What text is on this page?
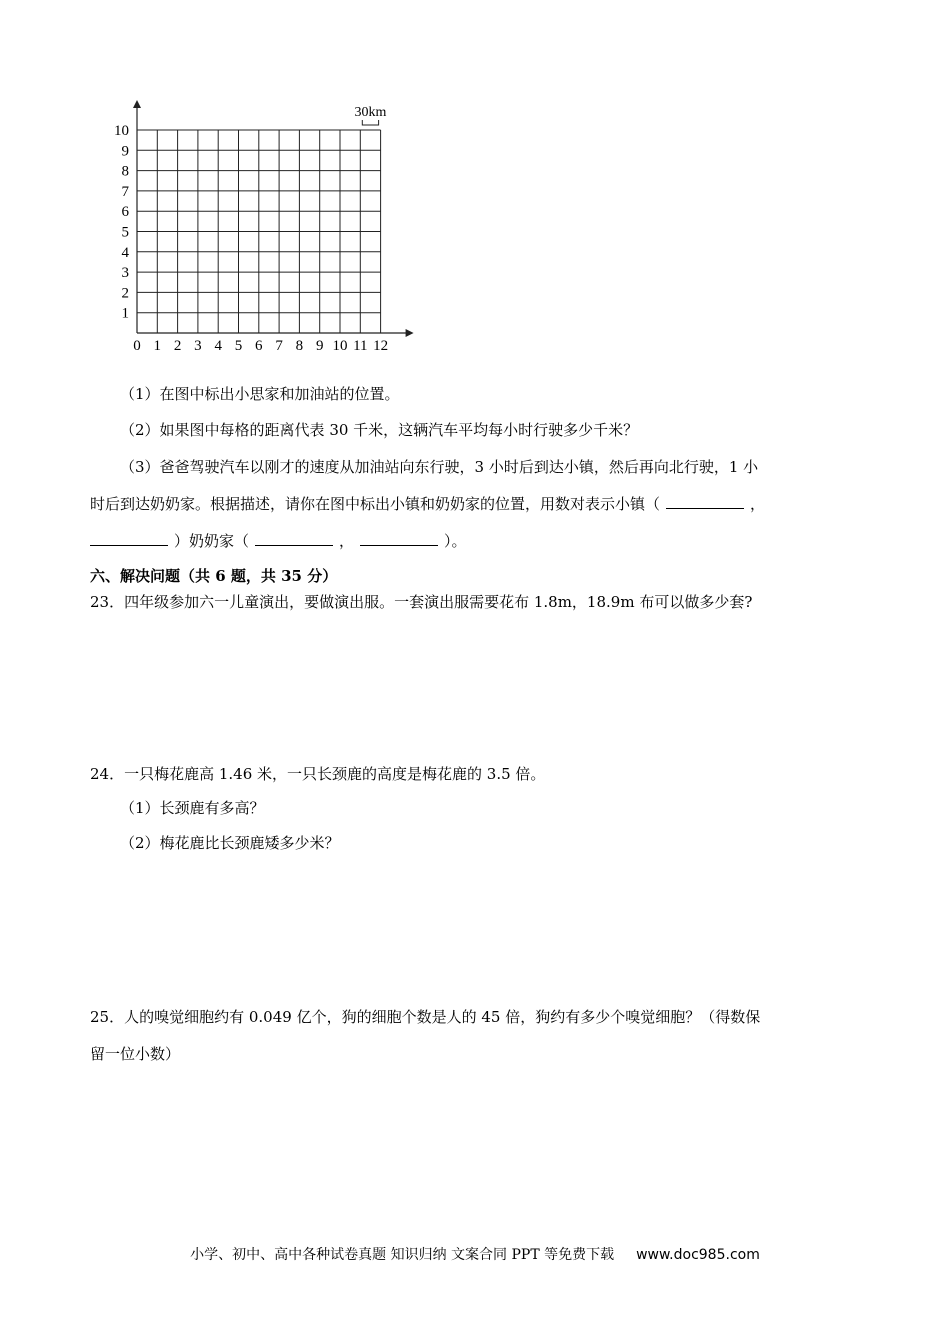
0 1 2 3 4 5 6 7 8 9 10 11 12
1
2
3
4
5
6
7
8
9
10
30km
（1）在图中标出小思家和加油站的位置。
（2）如果图中每格的距离代表 30 千米，这辆汽车平均每小时行驶多少千米？
（3）爸爸驾驶汽车以刚才的速度从加油站向东行驶，3 小时后到达小镇，然后再向北行驶，1 小
时后到达奶奶家。根据描述，请你在图中标出小镇和奶奶家的位置，用数对表示小镇（	，
）奶奶家（	，	）。
六、解决问题（共 6 题，共 35 分）
23．四年级参加六一儿童演出，要做演出服。一套演出服需要花布 1.8m，18.9m 布可以做多少套?
24．一只梅花鹿高 1.46 米，一只长颈鹿的高度是梅花鹿的 3.5 倍。
（1）长颈鹿有多高？
（2）梅花鹿比长颈鹿矮多少米？
25．人的嗅觉细胞约有 0.049 亿个，狗的细胞个数是人的 45 倍，狗约有多少个嗅觉细胞？（得数保
留一位小数）
小学、初中、高中各种试卷真题 知识归纳 文案合同 PPT 等免费下载 www.doc985.com
